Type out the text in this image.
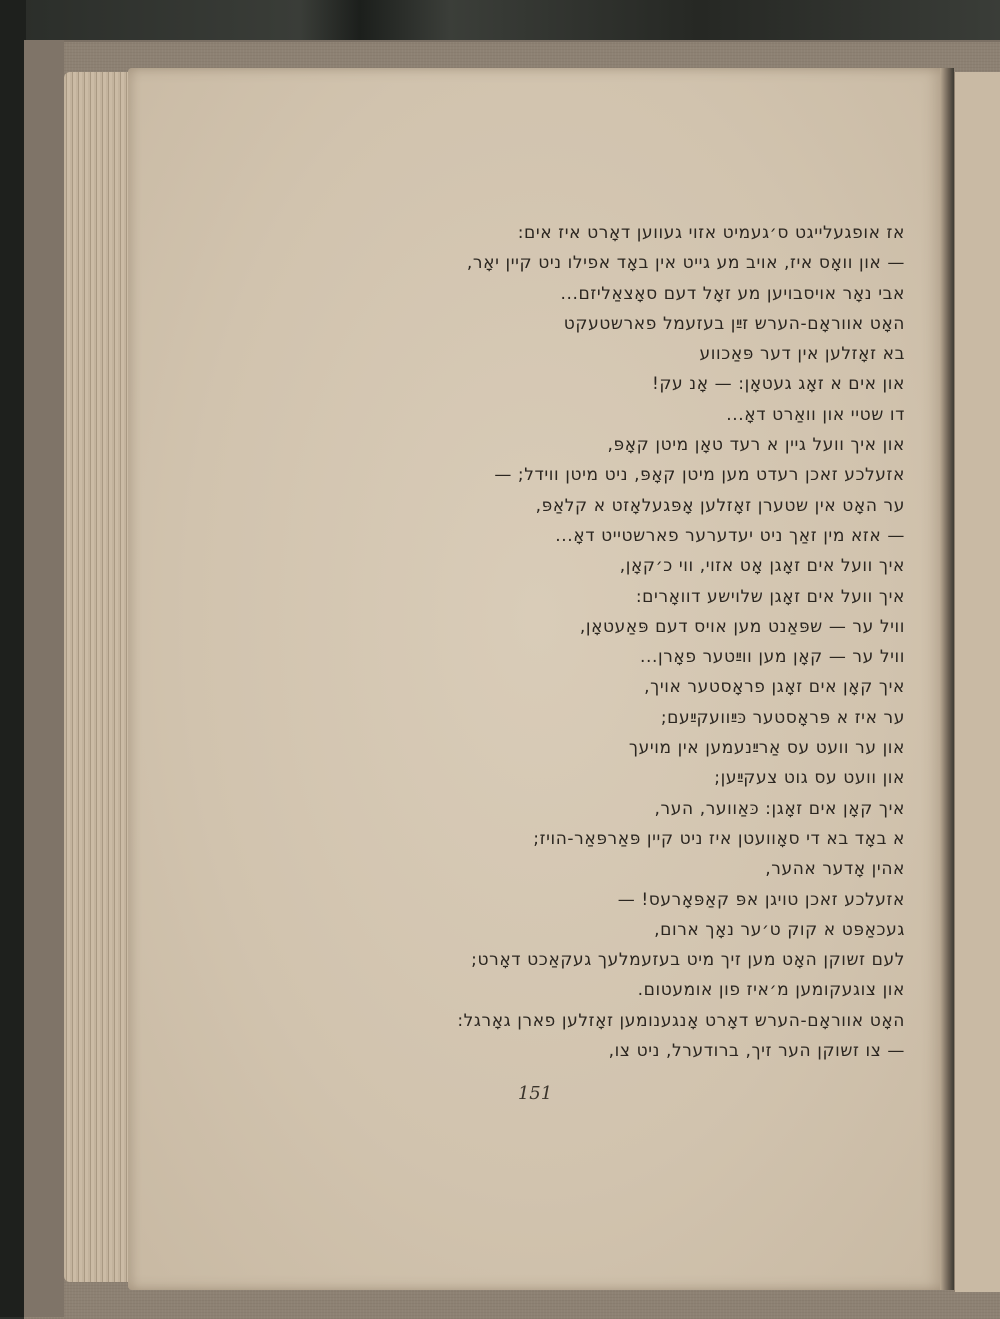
אז אופגעלייגט ס׳געמיט אזוי געווען דאָרט איז אים:
— און וואָס איז, אויב מע גייט אין באָד אפילו ניט קיין יאָר,
אבי נאָר אויסבויען מע זאָל דעם סאָצאַליזם...
האָט אווראָם-הערש זײַן בעזעמל פארשטעקט
בא זאָזלען אין דער פּאַכווע
און אים א זאָג געטאָן: — אָנ עק!
דו שטיי און וואַרט דאָ...
און איך וועל גיין א רעד טאָן מיטן קאָפּ,
אזעלכע זאכן רעדט מען מיטן קאָפּ, ניט מיטן ווידל; —
ער האָט אין שטערן זאָזלען אָפּגעלאָזט א קלאַפּ,
— אזא מין זאַך ניט יעדערער פארשטייט דאָ...
איך וועל אים זאָגן אָט אזוי, ווי כ׳קאָן,
איך וועל אים זאָגן שלוישע דוואָרים:
וויל ער — שפּאַנט מען אויס דעם פּאַעטאָן,
וויל ער — קאָן מען ווײַטער פאָרן...
איך קאָן אים זאָגן פראָסטער אויך,
ער איז א פּראָסטער כּײַוועקײַעם;
און ער וועט עס אַרײַנעמען אין מויעך
און וועט עס גוט צעקײַען;
איך קאָן אים זאָגן: כּאַווער, הער,
א באָד בא די סאָוועטן איז ניט קיין פּאַרפּאַר-הויז;
אהין אָדער אהער,
אזעלכע זאכן טויגן אפּ קאַפּאָרעס! —
געכאַפּט א קוק ט׳ער נאָך ארום,
לעם זשוקן האָט מען זיך מיט בעזעמלעך געקאַכט דאָרט;
און צוגעקומען מ׳איז פון אומעטום.
האָט אווראָם-הערש דאָרט אָנגענומען זאָזלען פארן גאָרגל:
— צו זשוקן הער זיך, ברודערל, ניט צו,
151
